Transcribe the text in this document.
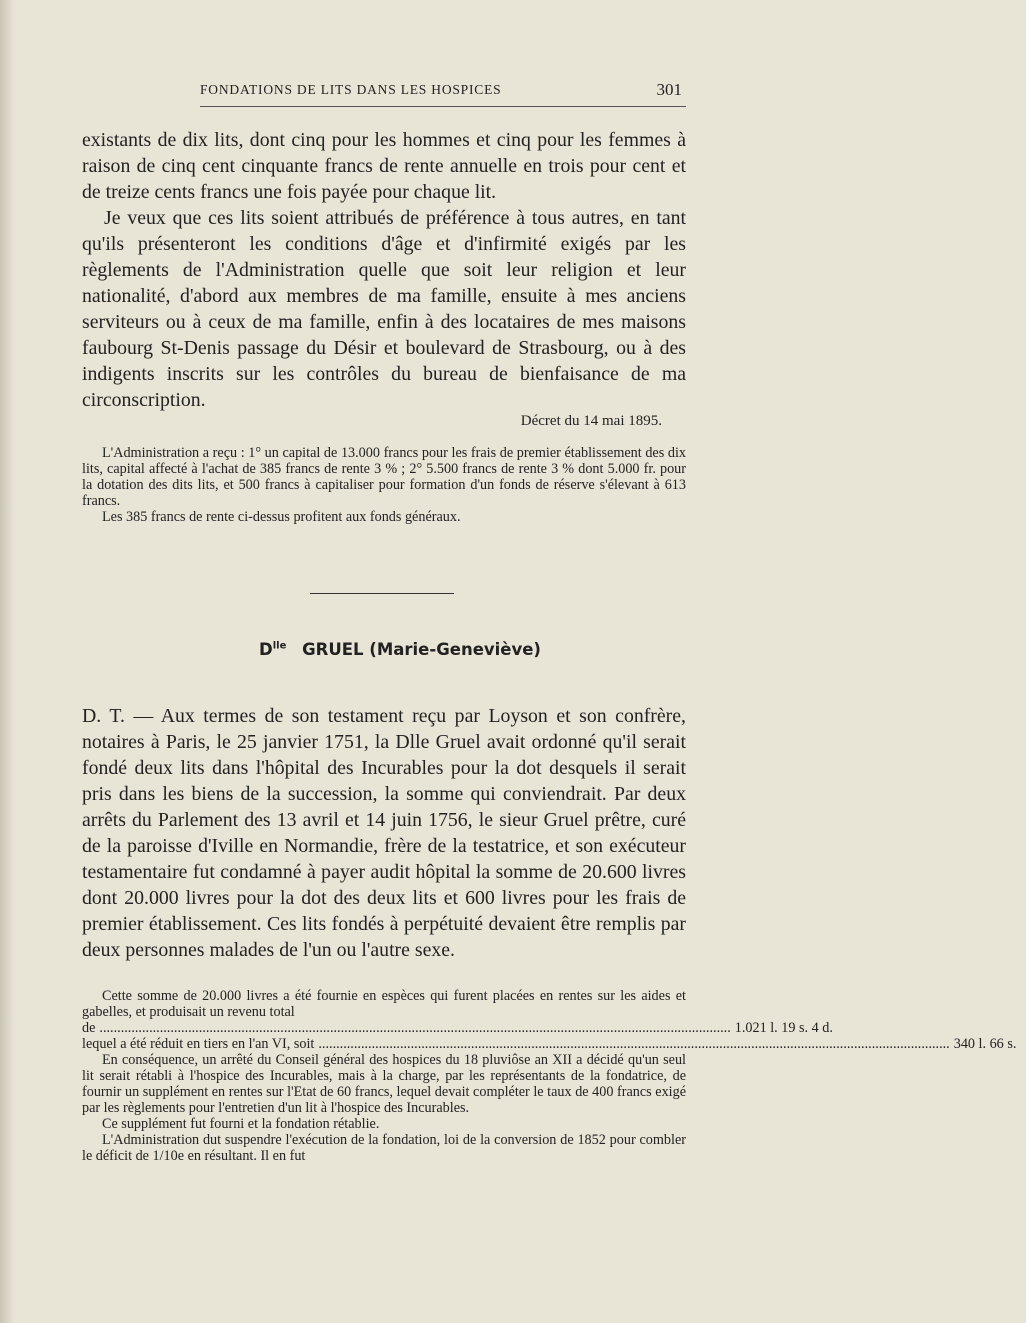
FONDATIONS DE LITS DANS LES HOSPICES	301

existants de dix lits, dont cinq pour les hommes et cinq pour les femmes à raison de cinq cent cinquante francs de rente annuelle en trois pour cent et de treize cents francs une fois payée pour chaque lit.

Je veux que ces lits soient attribués de préférence à tous autres, en tant qu'ils présenteront les conditions d'âge et d'infirmité exigés par les règlements de l'Administration quelle que soit leur religion et leur nationalité, d'abord aux membres de ma famille, ensuite à mes anciens serviteurs ou à ceux de ma famille, enfin à des locataires de mes maisons faubourg St-Denis passage du Désir et boulevard de Strasbourg, ou à des indigents inscrits sur les contrôles du bureau de bienfaisance de ma circonscription.

Décret du 14 mai 1895.

L'Administration a reçu : 1° un capital de 13.000 francs pour les frais de premier établissement des dix lits, capital affecté à l'achat de 385 francs de rente 3 % ; 2° 5.500 francs de rente 3 % dont 5.000 fr. pour la dotation des dits lits, et 500 francs à capitaliser pour formation d'un fonds de réserve s'élevant à 613 francs.

Les 385 francs de rente ci-dessus profitent aux fonds généraux.

$D^{lle}$ GRUEL (Marie-Geneviève)

D. T. — Aux termes de son testament reçu par Loyson et son confrère, notaires à Paris, le 25 janvier 1751, la Dlle Gruel avait ordonné qu'il serait fondé deux lits dans l'hôpital des Incurables pour la dot desquels il serait pris dans les biens de la succession, la somme qui conviendrait. Par deux arrêts du Parlement des 13 avril et 14 juin 1756, le sieur Gruel prêtre, curé de la paroisse d'Iville en Normandie, frère de la testatrice, et son exécuteur testamentaire fut condamné à payer audit hôpital la somme de 20.600 livres dont 20.000 livres pour la dot des deux lits et 600 livres pour les frais de premier établissement. Ces lits fondés à perpétuité devaient être remplis par deux personnes malades de l'un ou l'autre sexe.

Cette somme de 20.000 livres a été fournie en espèces qui furent placées en rentes sur les aides et gabelles, et produisait un revenu total

de .................................................................................................................................................................................. 1.021 l. 19 s. 4 d.
lequel a été réduit en tiers en l'an VI, soit .................................................................................................................................................................................. 340 l. 66 s.

En conséquence, un arrêté du Conseil général des hospices du 18 pluviôse an XII a décidé qu'un seul lit serait rétabli à l'hospice des Incurables, mais à la charge, par les représentants de la fondatrice, de fournir un supplément en rentes sur l'Etat de 60 francs, lequel devait compléter le taux de 400 francs exigé par les règlements pour l'entretien d'un lit à l'hospice des Incurables.

Ce supplément fut fourni et la fondation rétablie.

L'Administration dut suspendre l'exécution de la fondation, loi de la conversion de 1852 pour combler le déficit de 1/10e en résultant. Il en fut
